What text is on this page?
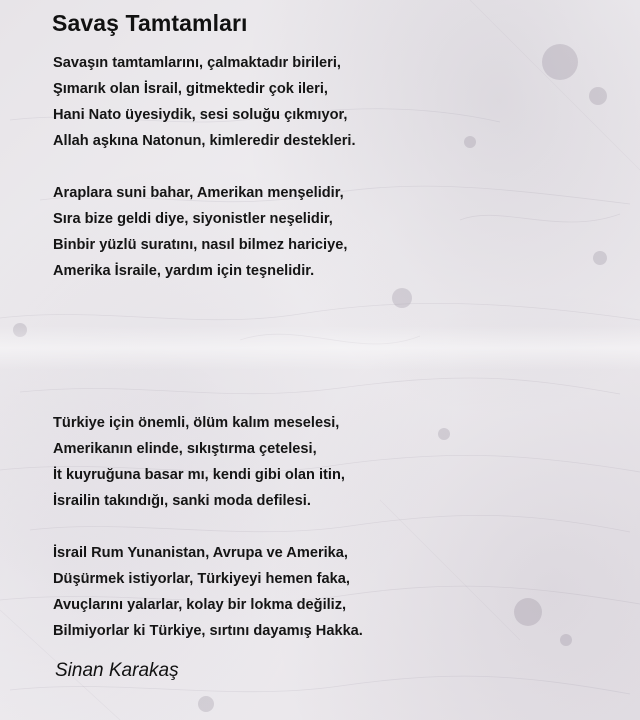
Savaş Tamtamları
Savaşın tamtamlarını, çalmaktadır birileri,
Şımarık olan İsrail, gitmektedir çok ileri,
Hani Nato üyesiydik, sesi soluğu çıkmıyor,
Allah aşkına Natonun, kimleredir destekleri.
Araplara suni bahar, Amerikan menşelidir,
Sıra bize geldi diye, siyonistler neşelidir,
Binbir yüzlü suratını, nasıl bilmez hariciye,
Amerika İsraile, yardım için teşnelidir.
Türkiye için önemli, ölüm kalım meselesi,
Amerikanın elinde, sıkıştırma çetelesi,
İt kuyruğuna basar mı, kendi gibi olan itin,
İsrailin takındığı, sanki moda defilesi.
İsrail Rum Yunanistan, Avrupa ve Amerika,
Düşürmek istiyorlar, Türkiyeyi hemen faka,
Avuçlarını yalarlar, kolay bir lokma değiliz,
Bilmiyorlar ki Türkiye, sırtını dayamış Hakka.
Sinan Karakaş
